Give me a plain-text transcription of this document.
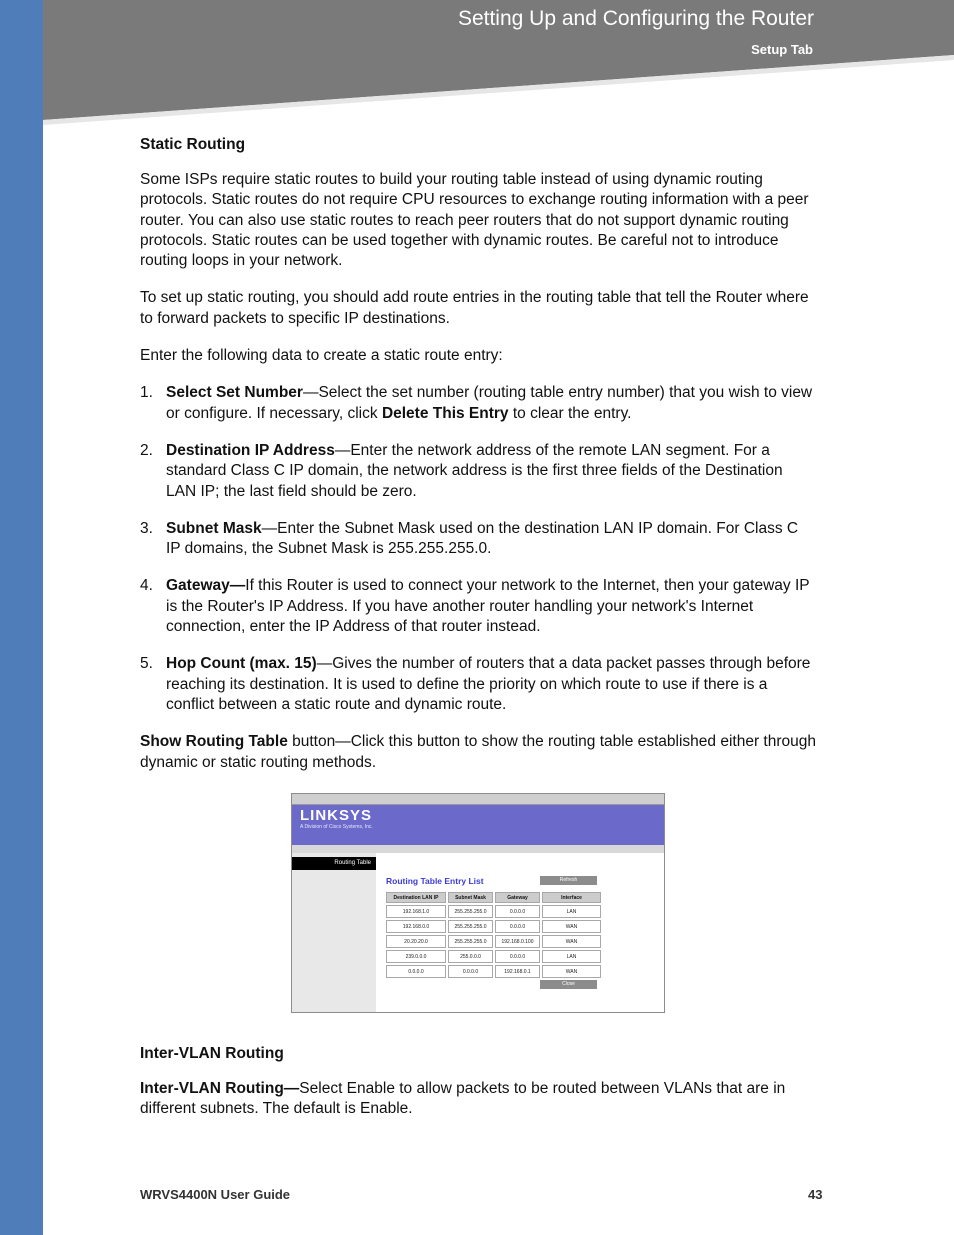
Setting Up and Configuring the Router
Setup Tab
Static Routing

Some ISPs require static routes to build your routing table instead of using dynamic routing protocols. Static routes do not require CPU resources to exchange routing information with a peer router. You can also use static routes to reach peer routers that do not support dynamic routing protocols. Static routes can be used together with dynamic routes. Be careful not to introduce routing loops in your network.

To set up static routing, you should add route entries in the routing table that tell the Router where to forward packets to specific IP destinations.

Enter the following data to create a static route entry:

1. Select Set Number—Select the set number (routing table entry number) that you wish to view or configure. If necessary, click Delete This Entry to clear the entry.
2. Destination IP Address—Enter the network address of the remote LAN segment. For a standard Class C IP domain, the network address is the first three fields of the Destination LAN IP; the last field should be zero.
3. Subnet Mask—Enter the Subnet Mask used on the destination LAN IP domain. For Class C IP domains, the Subnet Mask is 255.255.255.0.
4. Gateway—If this Router is used to connect your network to the Internet, then your gateway IP is the Router's IP Address. If you have another router handling your network's Internet connection, enter the IP Address of that router instead.
5. Hop Count (max. 15)—Gives the number of routers that a data packet passes through before reaching its destination. It is used to define the priority on which route to use if there is a conflict between a static route and dynamic route.

Show Routing Table button—Click this button to show the routing table established either through dynamic or static routing methods.

LINKSYS
A Division of Cisco Systems, Inc.
Routing Table
Routing Table Entry List	Refresh
Destination LAN IP	Subnet Mask	Gateway	Interface
192.168.1.0	255.255.255.0	0.0.0.0	LAN
192.168.0.0	255.255.255.0	0.0.0.0	WAN
20.20.20.0	255.255.255.0	192.168.0.100	WAN
239.0.0.0	255.0.0.0	0.0.0.0	LAN
0.0.0.0	0.0.0.0	192.168.0.1	WAN
Close
Inter-VLAN Routing

Inter-VLAN Routing—Select Enable to allow packets to be routed between VLANs that are in different subnets. The default is Enable.

WRVS4400N User Guide	43
